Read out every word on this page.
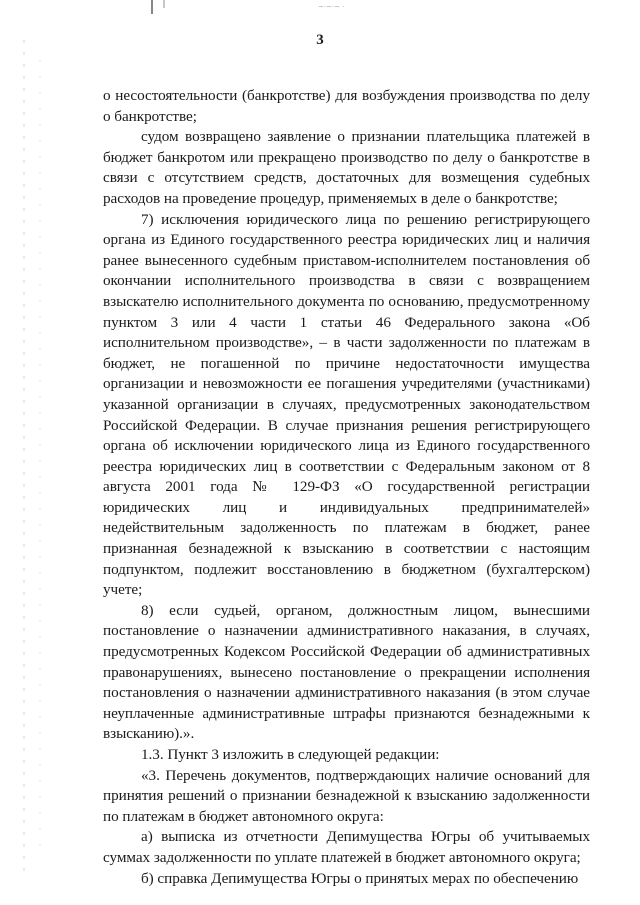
~·~·~ ·
3

о несостоятельности (банкротстве) для возбуждения производства по делу о банкротстве;

судом возвращено заявление о признании плательщика платежей в бюджет банкротом или прекращено производство по делу о банкротстве в связи с отсутствием средств, достаточных для возмещения судебных расходов на проведение процедур, применяемых в деле о банкротстве;

7) исключения юридического лица по решению регистрирующего органа из Единого государственного реестра юридических лиц и наличия ранее вынесенного судебным приставом-исполнителем постановления об окончании исполнительного производства в связи с возвращением взыскателю исполнительного документа по основанию, предусмотренному пунктом 3 или 4 части 1 статьи 46 Федерального закона «Об исполнительном производстве», – в части задолженности по платежам в бюджет, не погашенной по причине недостаточности имущества организации и невозможности ее погашения учредителями (участниками) указанной организации в случаях, предусмотренных законодательством Российской Федерации. В случае признания решения регистрирующего органа об исключении юридического лица из Единого государственного реестра юридических лиц в соответствии с Федеральным законом от 8 августа 2001 года № 129-ФЗ «О государственной регистрации юридических лиц и индивидуальных предпринимателей» недействительным задолженность по платежам в бюджет, ранее признанная безнадежной к взысканию в соответствии с настоящим подпунктом, подлежит восстановлению в бюджетном (бухгалтерском) учете;

8) если судьей, органом, должностным лицом, вынесшими постановление о назначении административного наказания, в случаях, предусмотренных Кодексом Российской Федерации об административных правонарушениях, вынесено постановление о прекращении исполнения постановления о назначении административного наказания (в этом случае неуплаченные административные штрафы признаются безнадежными к взысканию).».

1.3. Пункт 3 изложить в следующей редакции:

«3. Перечень документов, подтверждающих наличие оснований для принятия решений о признании безнадежной к взысканию задолженности по платежам в бюджет автономного округа:

а) выписка из отчетности Депимущества Югры об учитываемых суммах задолженности по уплате платежей в бюджет автономного округа;

б) справка Депимущества Югры о принятых мерах по обеспечению
